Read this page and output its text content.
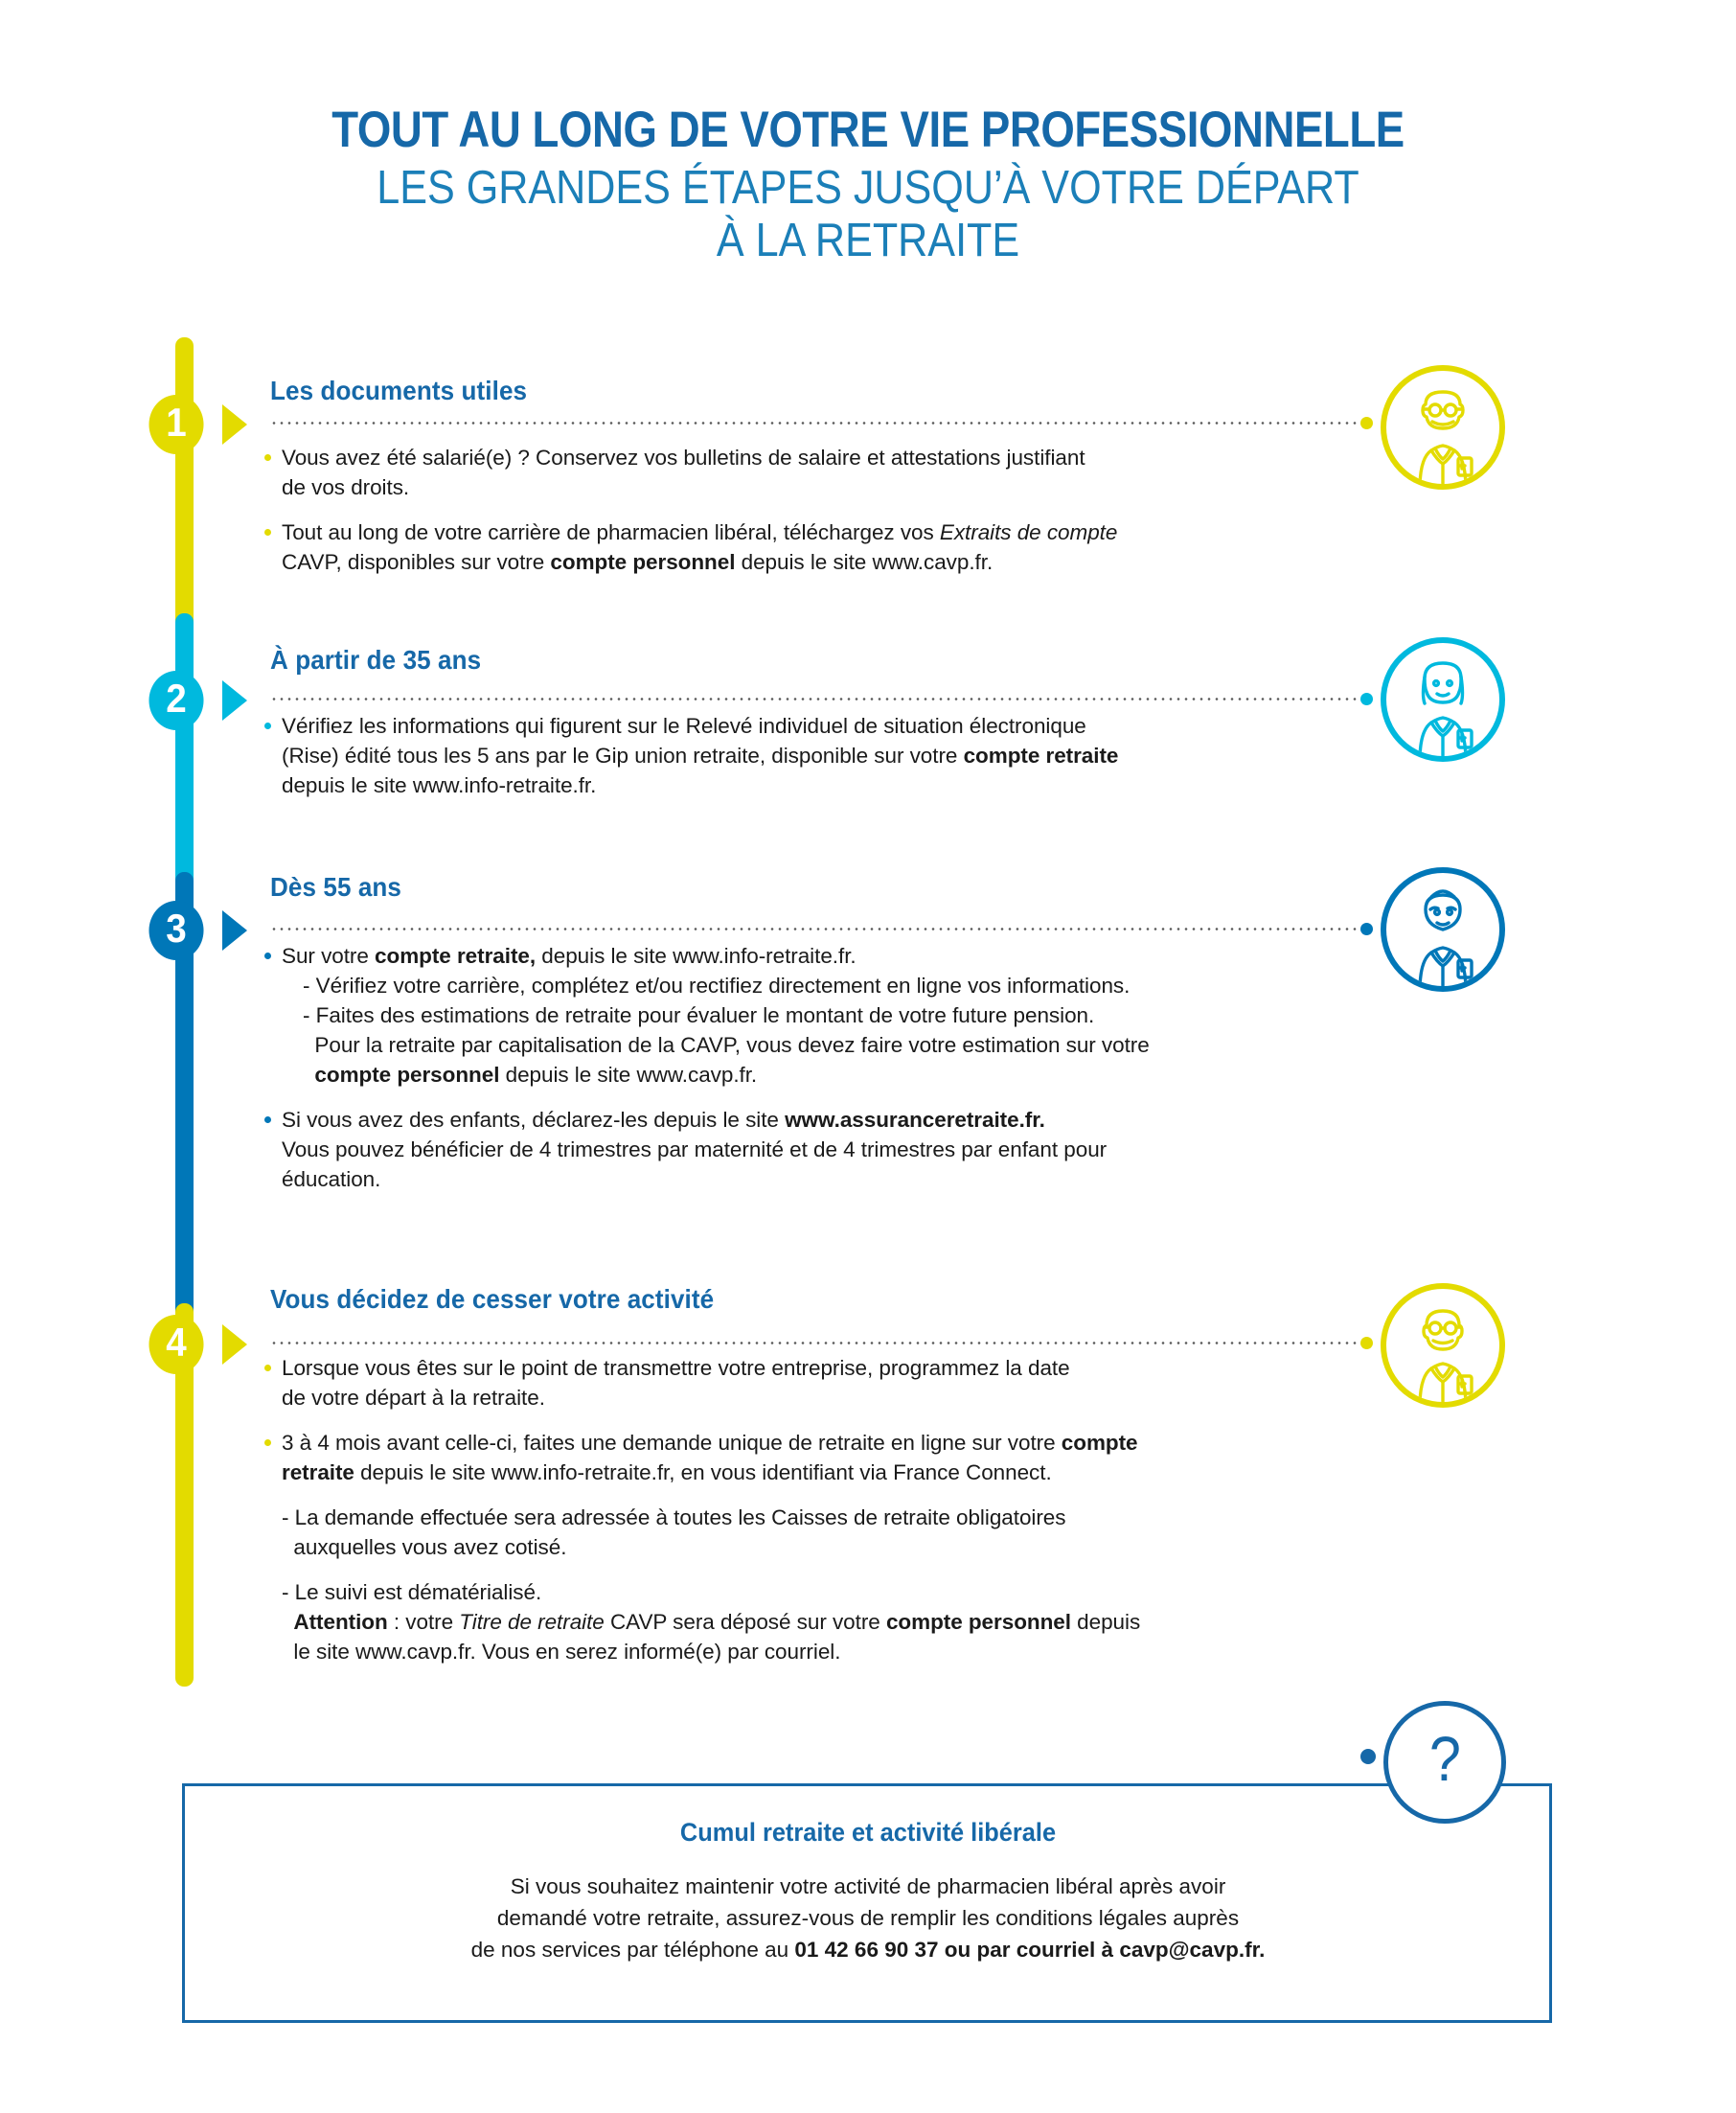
TOUT AU LONG DE VOTRE VIE PROFESSIONNELLE
LES GRANDES ÉTAPES JUSQU’À VOTRE DÉPART
À LA RETRAITE
1
Les documents utiles

Vous avez été salarié(e) ? Conservez vos bulletins de salaire et attestations justifiant

de vos droits.

Tout au long de votre carrière de pharmacien libéral, téléchargez vos Extraits de compte

CAVP, disponibles sur votre compte personnel depuis le site www.cavp.fr.

2
À partir de 35 ans

Vérifiez les informations qui figurent sur le Relevé individuel de situation électronique

(Rise) édité tous les 5 ans par le Gip union retraite, disponible sur votre compte retraite

depuis le site www.info-retraite.fr.

3
Dès 55 ans

Sur votre compte retraite, depuis le site www.info-retraite.fr.

- Vérifiez votre carrière, complétez et/ou rectifiez directement en ligne vos informations.

- Faites des estimations de retraite pour évaluer le montant de votre future pension.

Pour la retraite par capitalisation de la CAVP, vous devez faire votre estimation sur votre

compte personnel depuis le site www.cavp.fr.

Si vous avez des enfants, déclarez-les depuis le site www.assuranceretraite.fr.

Vous pouvez bénéficier de 4 trimestres par maternité et de 4 trimestres par enfant pour

éducation.

4
Vous décidez de cesser votre activité

Lorsque vous êtes sur le point de transmettre votre entreprise, programmez la date

de votre départ à la retraite.

3 à 4 mois avant celle-ci, faites une demande unique de retraite en ligne sur votre compte

retraite depuis le site www.info-retraite.fr, en vous identifiant via France Connect.

- La demande effectuée sera adressée à toutes les Caisses de retraite obligatoires

auxquelles vous avez cotisé.

- Le suivi est dématérialisé.

Attention : votre Titre de retraite CAVP sera déposé sur votre compte personnel depuis

le site www.cavp.fr. Vous en serez informé(e) par courriel.

?
Cumul retraite et activité libérale
Si vous souhaitez maintenir votre activité de pharmacien libéral après avoir
demandé votre retraite, assurez-vous de remplir les conditions légales auprès
de nos services par téléphone au 01 42 66 90 37 ou par courriel à cavp@cavp.fr.
